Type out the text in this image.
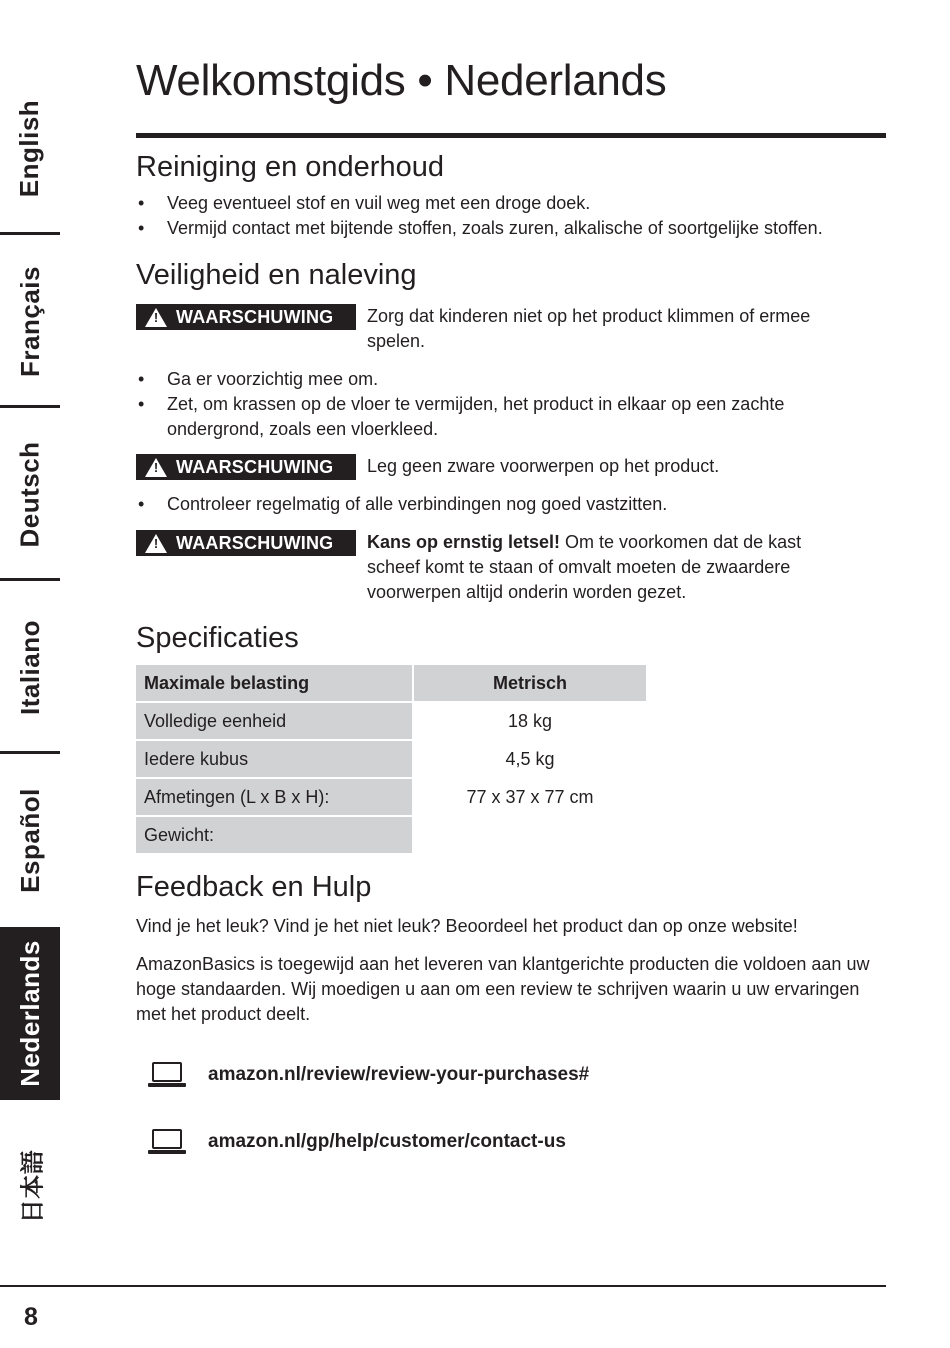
English
Français
Deutsch
Italiano
Español
Nederlands
日本語
Welkomstgids • Nederlands
Reiniging en onderhoud
• Veeg eventueel stof en vuil weg met een droge doek.
• Vermijd contact met bijtende stoffen, zoals zuren, alkalische of soortgelijke stoffen.
Veiligheid en naleving
! WAARSCHUWING Zorg dat kinderen niet op het product klimmen of ermee spelen.
• Ga er voorzichtig mee om.
• Zet, om krassen op de vloer te vermijden, het product in elkaar op een zachte ondergrond, zoals een vloerkleed.
! WAARSCHUWING Leg geen zware voorwerpen op het product.
• Controleer regelmatig of alle verbindingen nog goed vastzitten.
! WAARSCHUWING Kans op ernstig letsel! Om te voorkomen dat de kast scheef komt te staan of omvalt moeten de zwaardere voorwerpen altijd onderin worden gezet.
Specificaties
Maximale belasting	Metrisch
Volledige eenheid	18 kg
Iedere kubus	4,5 kg
Afmetingen (L x B x H):	77 x 37 x 77 cm
Gewicht:	
Feedback en Hulp

Vind je het leuk? Vind je het niet leuk? Beoordeel het product dan op onze website!

AmazonBasics is toegewijd aan het leveren van klantgerichte producten die voldoen aan uw hoge standaarden. Wij moedigen u aan om een review te schrijven waarin u uw ervaringen met het product deelt.

amazon.nl/review/review-your-purchases#
amazon.nl/gp/help/customer/contact-us
8
